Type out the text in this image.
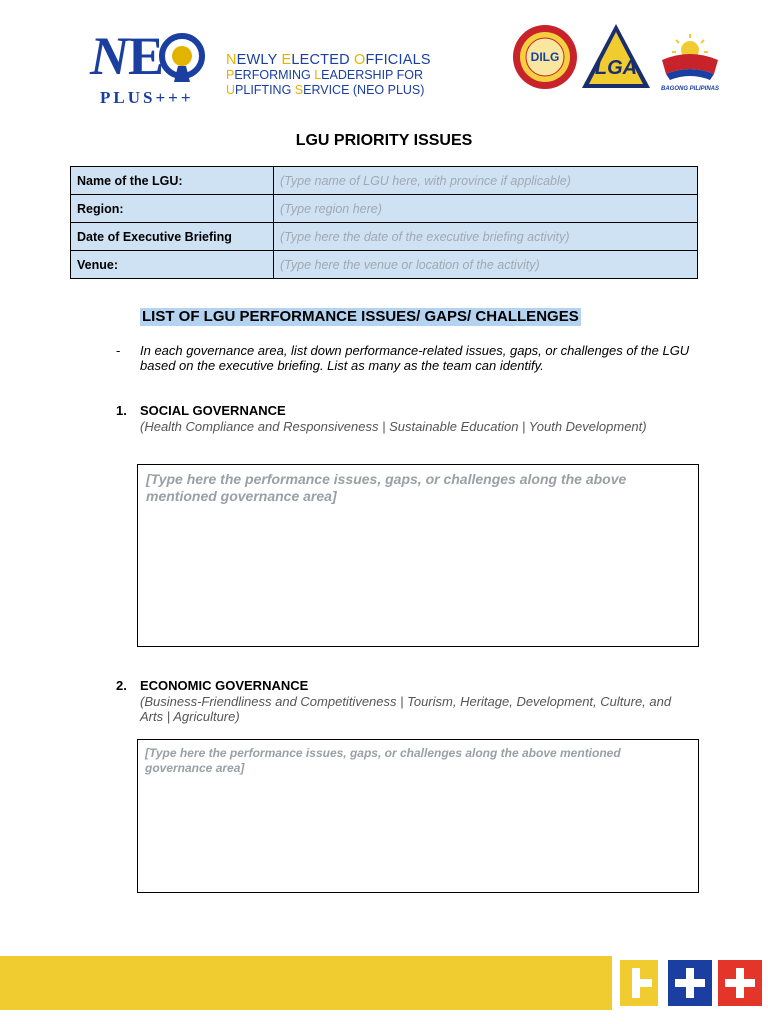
N E
PLUS+++
NEWLY ELECTED OFFICIALS
PERFORMING LEADERSHIP FOR
UPLIFTING SERVICE (NEO PLUS)
DILG LGA
BAGONG PILIPINAS
LGU PRIORITY ISSUES
Name of the LGU:	(Type name of LGU here, with province if applicable)
Region:	(Type region here)
Date of Executive Briefing	(Type here the date of the executive briefing activity)
Venue:	(Type here the venue or location of the activity)
LIST OF LGU PERFORMANCE ISSUES/ GAPS/ CHALLENGES
- In each governance area, list down performance-related issues, gaps, or challenges of the LGU based on the executive briefing. List as many as the team can identify.
1. SOCIAL GOVERNANCE
(Health Compliance and Responsiveness | Sustainable Education | Youth Development)
[Type here the performance issues, gaps, or challenges along the above mentioned governance area]
2. ECONOMIC GOVERNANCE
(Business-Friendliness and Competitiveness | Tourism, Heritage, Development, Culture, and Arts | Agriculture)
[Type here the performance issues, gaps, or challenges along the above mentioned governance area]
